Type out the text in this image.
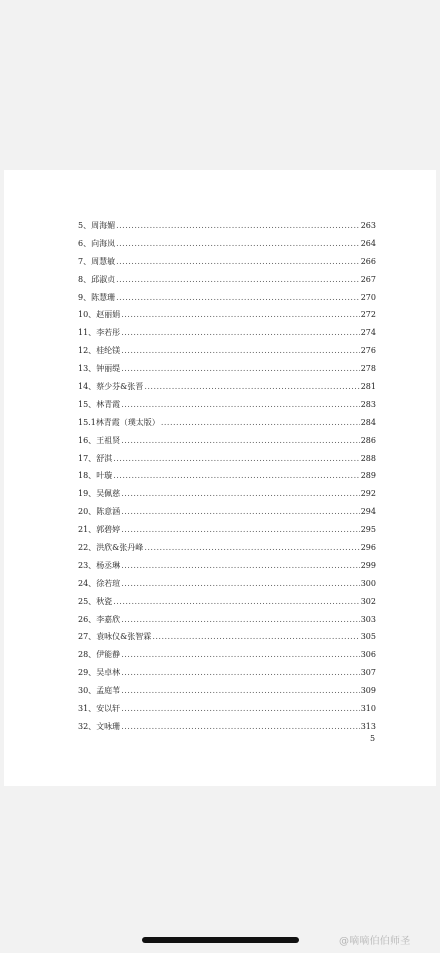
5、 周海媚 .....	263
6、 向海岚 .....	264
7、 周慧敏 .....	266
8、 邱淑贞 .....	267
9、 陈慧珊 .....	270
10、 赵丽娟 .....	272
11、 李若彤 .....	274
12、 桂纶镁 .....	276
13、 钟丽缇 .....	278
14、 蔡少芬&张晋 .....	281
15、 林青霞 .....	283
15.1 林青霞（璞太版） .....	284
16、 王祖贤 .....	286
17、 舒淇 .....	288
18、 叶璇 .....	289
19、 吴佩慈 .....	292
20、 陈意涵 .....	294
21、 郭碧婷 .....	295
22、 洪欣&张丹峰 .....	296
23、 杨丞琳 .....	299
24、 徐若瑄 .....	300
25、 秋瓷 .....	302
26、 李嘉欣 .....	303
27、 袁咏仪&张智霖 .....	305
28、 伊能静 .....	306
29、 吴卓林 .....	307
30、 孟庭苇 .....	309
31、 安以轩 .....	310
32、 文咏珊 .....	313
5
@嘀嘀伯伯师圣
